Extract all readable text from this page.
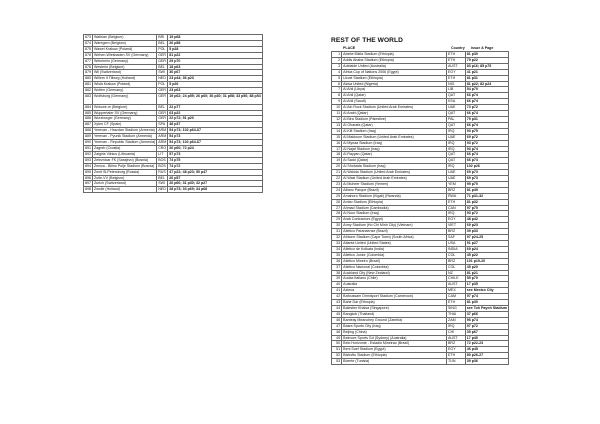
873	Wathian (Belgium)	BRI	19 p68
874	Waregem (Belgium)	BEL	26 p58
875	Wawel Krakow (Poland)	POL	5 p28
876	Wehen-Wiesbaden SV (Germany)	GER	81 p22
877	Weinheim (Germany)	GER	29 p70
878	Westerlo (Belgium)	BEL	18 p63
879	Wil (Switzerland)	SWI	36 p67
880	Willem II Tilburg (Holland)	NED	23 p44; 36 p23
881	Wisla Krakow (Poland)	POL	5 p26
882	Wolfen (Germany)	GER	23 p63
883	Wolfsburg (Germany)	GER	19 p62; 24 p55; 26 p60; 36 p30; 31 p58; 33 p56; 88 p54
884	Woluwe-m (Belgium)	BEL	22 p77
885	Wuppertaler SV (Germany)	GER	63 p22
886	Wurzburger (Germany)	GER	22 p72; 51 p20
887	Xylen CF (Spain)	SPA	48 p37
888	Yerevan - Hrazdan Stadium (Armenia)	ARM	54 p73; 102 p64-67
889	Yerevan - Pyunik Stadium (Armenia)	ARM	54 p73
890	Yerevan - Republic Stadium (Armenia)	ARM	54 p73; 102 p64-67
891	Zagreb (Croatia)	CRO	26 p60; 72 p24
892	Zalgiris Vilnius (Lithuania)	LIT	57 p73
893	Zeleznicar FK (Sarajevo) (Bosnia)	BOS	74 p75
894	Zenica - Bilino Polje Stadium (Bosnia)	BOS	74 p72
895	Zenit St.Petersburg (Russia)	RUS	47 p22; 48 p23; 50 p47
896	Zulte-VV (Belgium)	BEL	26 p57
897	Zurich (Switzerland)	SWI	26 p60; 31 p30; 32 p27
898	Zwolle (Holland)	NED	28 p73; 33 p69; 34 p68
REST OF THE WORLD
PLACE	Country Issue & Page
1	Abebe Bikila Stadium (Ethiopia)	ETH	81 p30
2	Addis Ababa Stadium (Ethiopia)	ETH	79 p22
3	Adelaide United (Australia)	AUST	83 p16; 85 p75
4	Africa Cup of Nations 2006 (Egypt)	EGY	41 p21
5	Ucoel Stadium (Ethiopia)	ETH	81 p31
6	Akwa United (Nigeria)	NIG	81 p22; 82 p24
7	Al Ahli (Libya)	LIB	54 p70
8	Al Ahli (Qatar)	QAT	66 p74
9	Al Ahli (Saudi)	KSA	66 p74
10	Al Ain Rock Stadium (United Arab Emirates)	UAE	73 p72
11	Al Arabi (Qatar)	QAT	66 p74
12	Al Bira Stadium (Palestine)	PAL	79 p31
13	Al Gharafa (Qatar)	QAT	66 p74
14	Al Kifl Stadium (Iraq)	IRQ	93 p75
15	Al Maktoum Stadium (United Arab Emirates)	UAE	69 p72
16	Al Mynaa Stadium (Iraq)	IRQ	93 p72
17	Al Najaf Stadium (Iraq)	IRQ	93 p74
18	Al Rayyan (Qatar)	QAT	66 p74
19	Al Sadd (Qatar)	QAT	66 p74
20	Al Shohada Stadium (Iraq)	IRQ	102 p26
21	Al Wahda Stadium (United Arab Emirates)	UAE	69 p73
22	Al Wasl Stadium (United Arab Emirates)	UAE	69 p73
23	Al Muheer Stadium (Yemen)	YEM	99 p70
24	Allianz Parque (Brazil)	BRZ	81 p49
25	Amahoro Stadium (Kigali) (Rwanda)	RWA	71 p31-32
26	Ambo Stadium (Ethiopia)	ETH	81 p32
27	Ahmad Stadium (Cambodia)	CAN	97 p70
28	Al Nour Stadium (Iraq)	IRQ	93 p72
29	Arab Contractors (Egypt)	EGY	48 p42
30	Army Stadium (Ho Chi Minh City) (Vietnam)	VIET	69 p23
31	Atletico Paranaense (Brazil)	BRZ	39 p33
32	Athlone Stadium (Cape Town) (South Africa)	SAF	97 p24-25
33	Atlanta United (United States)	USA	91 p27
34	Atletico de Kolkata (India)	INDIA	69 p24
35	Atletico Junior (Colombia)	COL	45 p22
36	Atletico Mineiro (Brazil)	BRZ	101 p19-20
37	Atletico Nacional (Colombia)	COL	45 p20
38	Auckland City (New Zealand)	NZ	81 p21
39	Audax Italiano (Chile)	CHILE	55 p70
40	Australia	AUST	17 p35
41	Azteca	MEX	see Mexico City
42	Bafoussam Omnisport Stadium (Cameroon)	CAM	97 p74
43	Bahir Dar (Ethiopia)	ETH	81 p30
44	Balestier Khalsa (Singapore)	SING	see Toh Payoh Stadium
45	Bangkok (Thailand)	THAI	37 p66
46	Banteay Meanchey Ground (Zambia)	ZAM	96 p74
47	Basra Sports City (Iraq)	IRQ	97 p72
48	Beijing (China)	CHI	39 p67
49	Belmore Sports Gd (Sydney) (Australia)	AUST	17 p40
50	Belo Horizonte - Estadio Mineirao (Brazil)	BRZ	72 p22-23
51	Beni Suef Stadium (Egypt)	EGY	46 p45
52	Bishoftu Stadium (Ethiopia)	ETH	80 p26-27
53	Bizerte (Tunisia)	TUN	39 p36
